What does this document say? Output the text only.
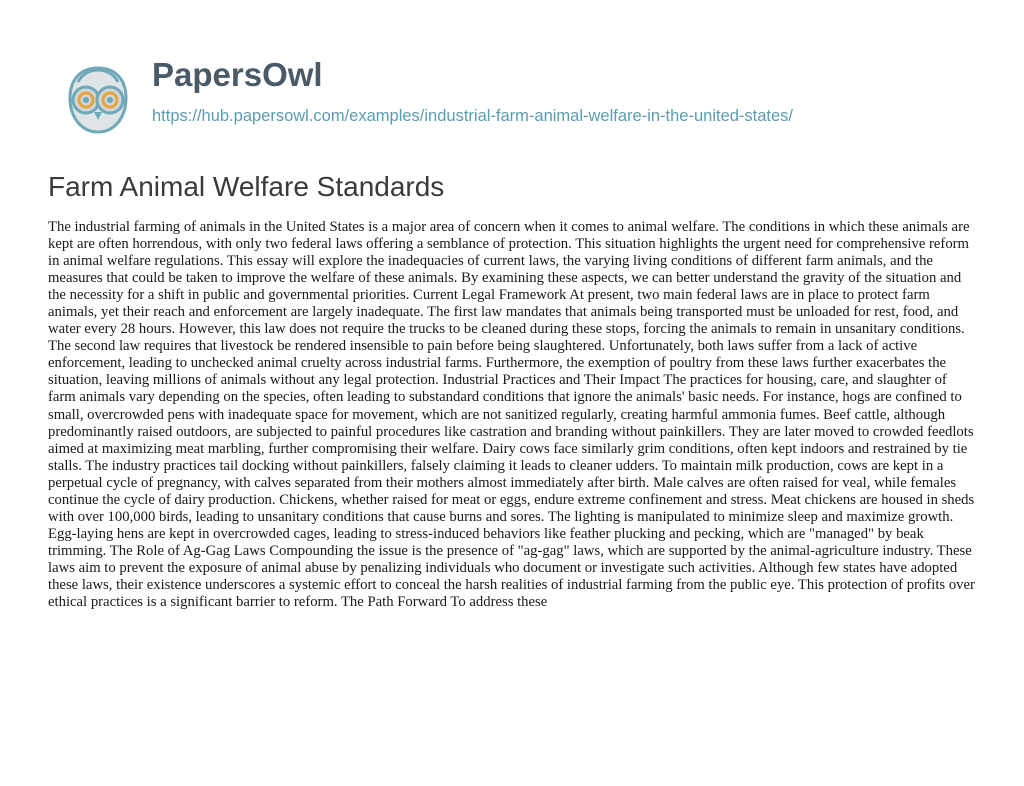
PapersOwl
https://hub.papersowl.com/examples/industrial-farm-animal-welfare-in-the-united-states/
Farm Animal Welfare Standards

The industrial farming of animals in the United States is a major area of concern when it comes to animal welfare. The conditions in which these animals are kept are often horrendous, with only two federal laws offering a semblance of protection. This situation highlights the urgent need for comprehensive reform in animal welfare regulations. This essay will explore the inadequacies of current laws, the varying living conditions of different farm animals, and the measures that could be taken to improve the welfare of these animals. By examining these aspects, we can better understand the gravity of the situation and the necessity for a shift in public and governmental priorities. Current Legal Framework At present, two main federal laws are in place to protect farm animals, yet their reach and enforcement are largely inadequate. The first law mandates that animals being transported must be unloaded for rest, food, and water every 28 hours. However, this law does not require the trucks to be cleaned during these stops, forcing the animals to remain in unsanitary conditions. The second law requires that livestock be rendered insensible to pain before being slaughtered. Unfortunately, both laws suffer from a lack of active enforcement, leading to unchecked animal cruelty across industrial farms. Furthermore, the exemption of poultry from these laws further exacerbates the situation, leaving millions of animals without any legal protection. Industrial Practices and Their Impact The practices for housing, care, and slaughter of farm animals vary depending on the species, often leading to substandard conditions that ignore the animals' basic needs. For instance, hogs are confined to small, overcrowded pens with inadequate space for movement, which are not sanitized regularly, creating harmful ammonia fumes. Beef cattle, although predominantly raised outdoors, are subjected to painful procedures like castration and branding without painkillers. They are later moved to crowded feedlots aimed at maximizing meat marbling, further compromising their welfare. Dairy cows face similarly grim conditions, often kept indoors and restrained by tie stalls. The industry practices tail docking without painkillers, falsely claiming it leads to cleaner udders. To maintain milk production, cows are kept in a perpetual cycle of pregnancy, with calves separated from their mothers almost immediately after birth. Male calves are often raised for veal, while females continue the cycle of dairy production. Chickens, whether raised for meat or eggs, endure extreme confinement and stress. Meat chickens are housed in sheds with over 100,000 birds, leading to unsanitary conditions that cause burns and sores. The lighting is manipulated to minimize sleep and maximize growth. Egg-laying hens are kept in overcrowded cages, leading to stress-induced behaviors like feather plucking and pecking, which are "managed" by beak trimming. The Role of Ag-Gag Laws Compounding the issue is the presence of "ag-gag" laws, which are supported by the animal-agriculture industry. These laws aim to prevent the exposure of animal abuse by penalizing individuals who document or investigate such activities. Although few states have adopted these laws, their existence underscores a systemic effort to conceal the harsh realities of industrial farming from the public eye. This protection of profits over ethical practices is a significant barrier to reform. The Path Forward To address these
